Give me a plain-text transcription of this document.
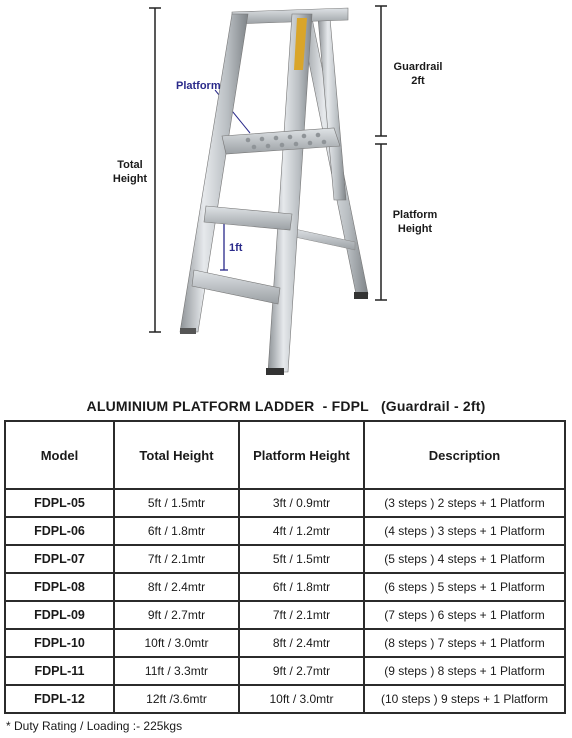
Total
Height
Platform
Guardrail
2ft
Platform
Height
1ft
ALUMINIUM PLATFORM LADDER  - FDPL   (Guardrail - 2ft)
Model	Total Height	Platform Height	Description
FDPL-05	5ft / 1.5mtr	3ft / 0.9mtr	(3 steps ) 2 steps + 1 Platform
FDPL-06	6ft / 1.8mtr	4ft / 1.2mtr	(4 steps ) 3 steps + 1 Platform
FDPL-07	7ft / 2.1mtr	5ft / 1.5mtr	(5 steps ) 4 steps + 1 Platform
FDPL-08	8ft / 2.4mtr	6ft / 1.8mtr	(6 steps ) 5 steps + 1 Platform
FDPL-09	9ft / 2.7mtr	7ft / 2.1mtr	(7 steps ) 6 steps + 1 Platform
FDPL-10	10ft / 3.0mtr	8ft / 2.4mtr	(8 steps ) 7 steps + 1 Platform
FDPL-11	11ft / 3.3mtr	9ft / 2.7mtr	(9 steps ) 8 steps + 1 Platform
FDPL-12	12ft /3.6mtr	10ft / 3.0mtr	(10 steps ) 9 steps + 1 Platform
* Duty Rating / Loading :- 225kgs
